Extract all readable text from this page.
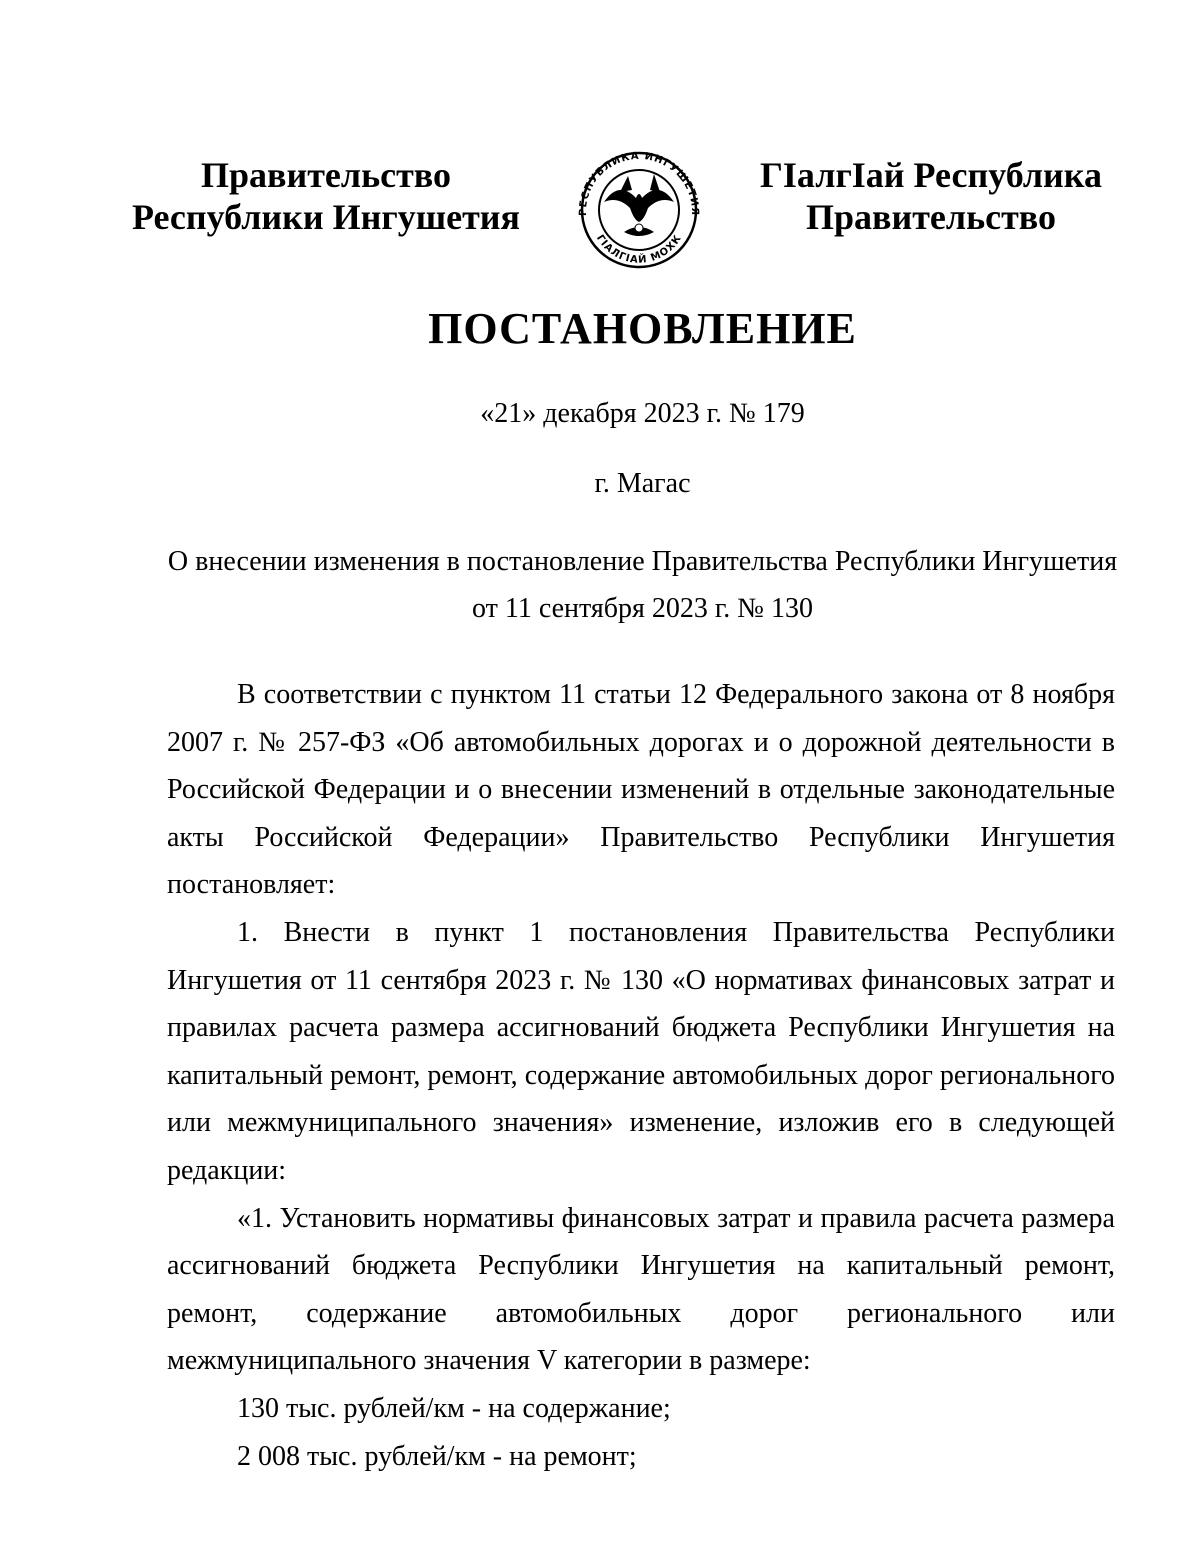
Правительство
Республики Ингушетия	РЕСПУБЛИКА ИНГУШЕТИЯ
ГIАЛГIАЙ МОХК
ГIалгIай Республика
Правительство
ПОСТАНОВЛЕНИЕ
«21» декабря 2023 г. № 179
г. Магас
О внесении изменения в постановление Правительства Республики Ингушетия
от 11 сентября 2023 г. № 130

В соответствии с пунктом 11 статьи 12 Федерального закона от 8 ноября 2007 г. № 257-ФЗ «Об автомобильных дорогах и о дорожной деятельности в Российской Федерации и о внесении изменений в отдельные законодательные акты Российской Федерации» Правительство Республики Ингушетия постановляет:

1. Внести в пункт 1 постановления Правительства Республики Ингушетия от 11 сентября 2023 г. № 130 «О нормативах финансовых затрат и правилах расчета размера ассигнований бюджета Республики Ингушетия на капитальный ремонт, ремонт, содержание автомобильных дорог регионального или межмуниципального значения» изменение, изложив его в следующей редакции:

«1. Установить нормативы финансовых затрат и правила расчета размера ассигнований бюджета Республики Ингушетия на капитальный ремонт, ремонт, содержание автомобильных дорог регионального или межмуниципального значения V категории в размере:

130 тыс. рублей/км - на содержание;

2 008 тыс. рублей/км - на ремонт;
